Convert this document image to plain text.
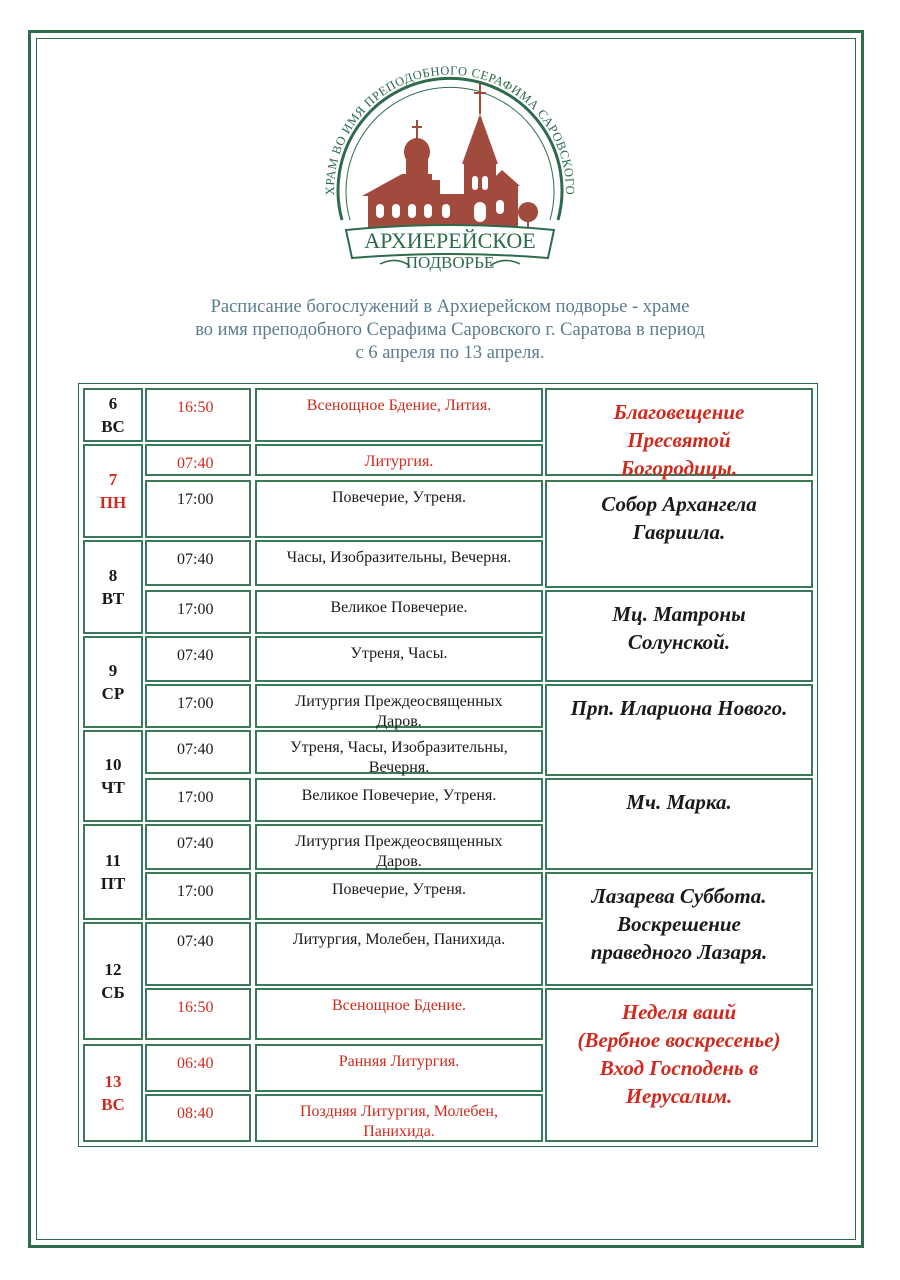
ХРАМ ВО ИМЯ ПРЕПОДОБНОГО СЕРАФИМА САРОВСКОГО
АРХИЕРЕЙСКОЕ
ПОДВОРЬЕ
Расписание богослужений в Архиерейском подворье - храме
во имя преподобного Серафима Саровского г. Саратова в период
с 6 апреля по 13 апреля.
6
ВС
7
ПН
8
ВТ
9
СР
10
ЧТ
11
ПТ
12
СБ
13
ВС
16:50
07:40
17:00
07:40
17:00
07:40
17:00
07:40
17:00
07:40
17:00
07:40
16:50
06:40
08:40
Всенощное Бдение, Лития.
Литургия.
Повечерие, Утреня.
Часы, Изобразительны, Вечерня.
Великое Повечерие.
Утреня, Часы.
Литургия Преждеосвященных Даров.
Утреня, Часы, Изобразительны, Вечерня.
Великое Повечерие, Утреня.
Литургия Преждеосвященных Даров.
Повечерие, Утреня.
Литургия, Молебен, Панихида.
Всенощное Бдение.
Ранняя Литургия.
Поздняя Литургия, Молебен, Панихида.
Благовещение
Пресвятой
Богородицы.
Собор Архангела
Гавриила.
Мц. Матроны
Солунской.
Прп. Илариона Нового.
Мч. Марка.
Лазарева Суббота.
Воскрешение
праведного Лазаря.
Неделя ваий
(Вербное воскресенье)
Вход Господень в
Иерусалим.
